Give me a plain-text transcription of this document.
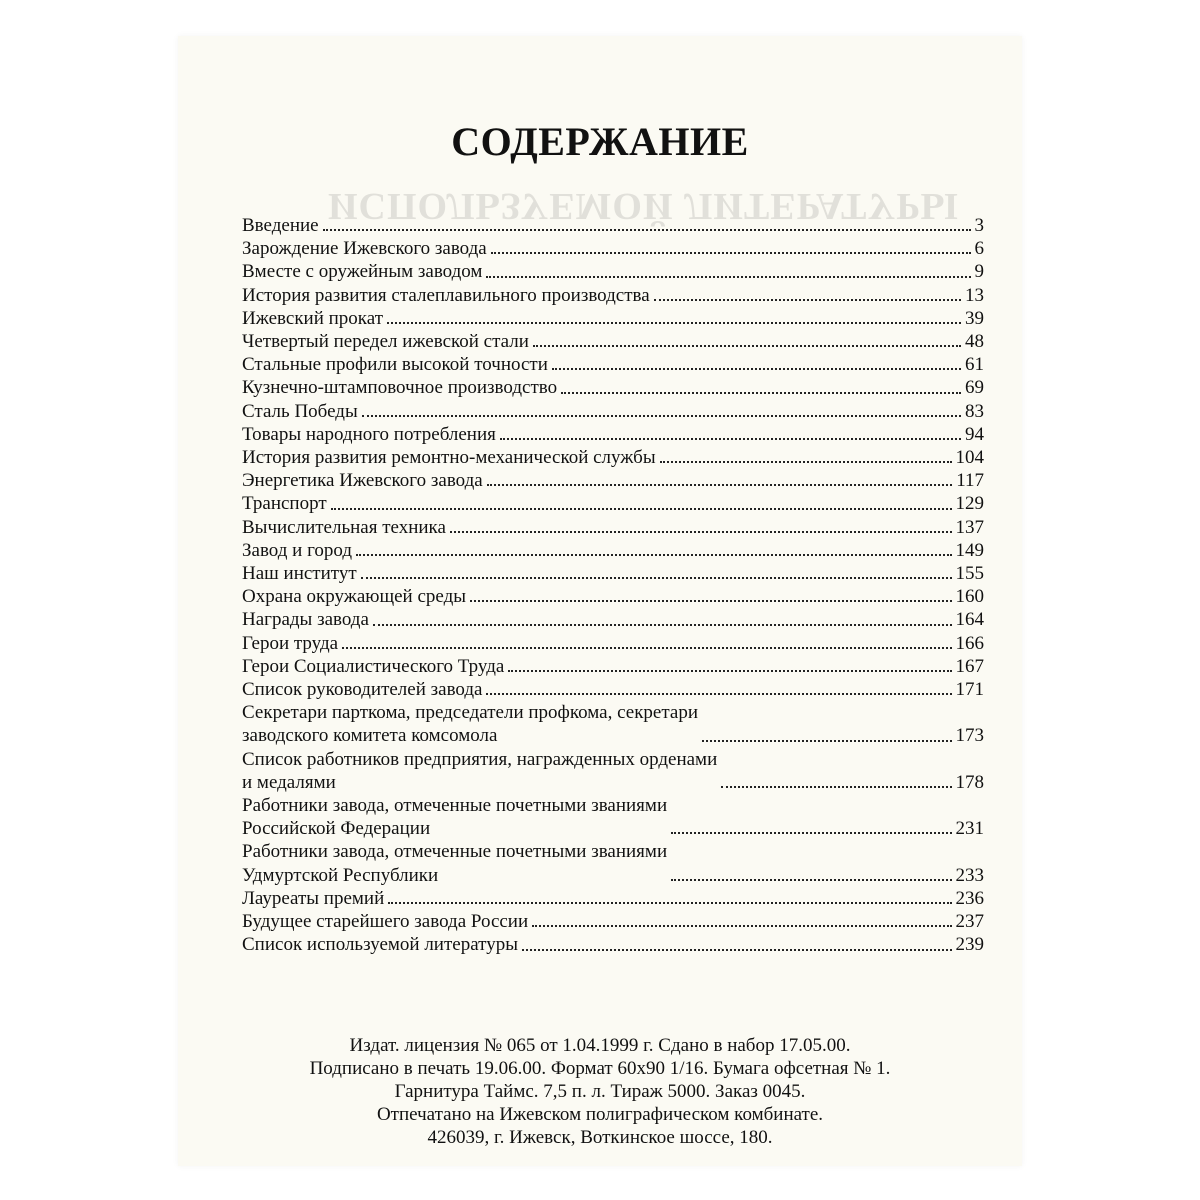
ИСПОЛЬЗУЕМОЙ ЛИТЕРАТУРЫ
СОДЕРЖАНИЕ
Введение	3
Зарождение Ижевского завода	6
Вместе с оружейным заводом	9
История развития сталеплавильного производства	13
Ижевский прокат	39
Четвертый передел ижевской стали	48
Стальные профили высокой точности	61
Кузнечно-штамповочное производство	69
Сталь Победы	83
Товары народного потребления	94
История развития ремонтно-механической службы	104
Энергетика Ижевского завода	117
Транспорт	129
Вычислительная техника	137
Завод и город	149
Наш институт	155
Охрана окружающей среды	160
Награды завода	164
Герои труда	166
Герои Социалистического Труда	167
Список руководителей завода	171
Секретари парткома, председатели профкома, секретари
заводского комитета комсомола	173
Список работников предприятия, награжденных орденами
и медалями	178
Работники завода, отмеченные почетными званиями
Российской Федерации	231
Работники завода, отмеченные почетными званиями
Удмуртской Республики	233
Лауреаты премий	236
Будущее старейшего завода России	237
Список используемой литературы	239
Издат. лицензия № 065 от 1.04.1999 г. Сдано в набор 17.05.00.
Подписано в печать 19.06.00. Формат 60x90 1/16. Бумага офсетная № 1.
Гарнитура Таймс. 7,5 п. л. Тираж 5000. Заказ 0045.
Отпечатано на Ижевском полиграфическом комбинате.
426039, г. Ижевск, Воткинское шоссе, 180.
